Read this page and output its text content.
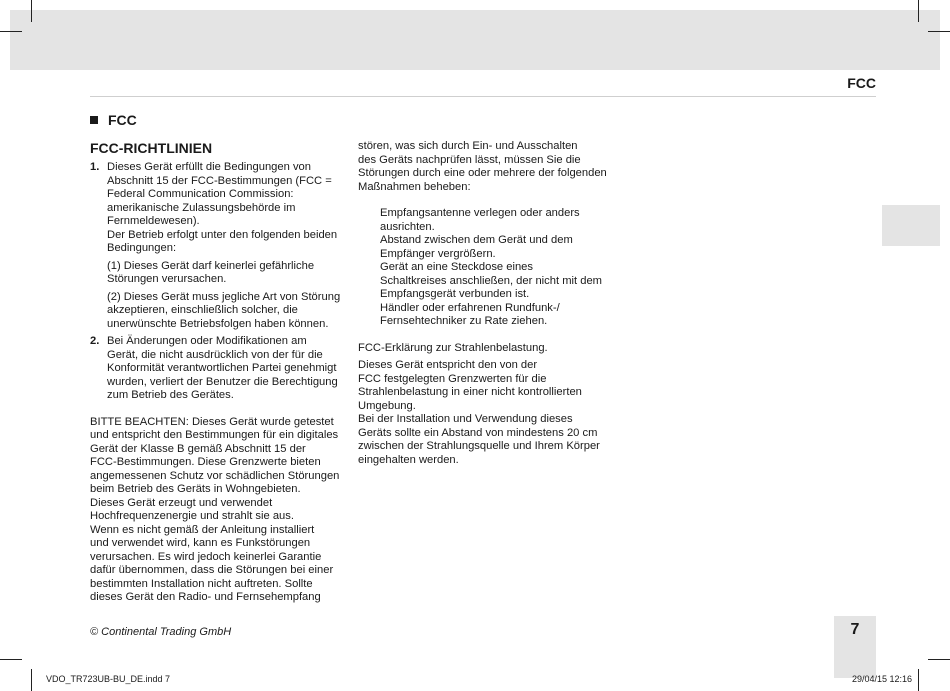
FCC
FCC
FCC-RICHTLINIEN
1. Dieses Gerät erfüllt die Bedingungen von

Abschnitt 15 der FCC-Bestimmungen (FCC =

Federal Communication Commission:

amerikanische Zulassungsbehörde im

Fernmeldewesen).

Der Betrieb erfolgt unter den folgenden beiden

Bedingungen:

(1) Dieses Gerät darf keinerlei gefährliche

Störungen verursachen.

(2) Dieses Gerät muss jegliche Art von Störung

akzeptieren, einschließlich solcher, die

unerwünschte Betriebsfolgen haben können.

2. Bei Änderungen oder Modifikationen am

Gerät, die nicht ausdrücklich von der für die

Konformität verantwortlichen Partei genehmigt

wurden, verliert der Benutzer die Berechtigung

zum Betrieb des Gerätes.

BITTE BEACHTEN: Dieses Gerät wurde getestet

und entspricht den Bestimmungen für ein digitales

Gerät der Klasse B gemäß Abschnitt 15 der

FCC-Bestimmungen. Diese Grenzwerte bieten

angemessenen Schutz vor schädlichen Störungen

beim Betrieb des Geräts in Wohngebieten.

Dieses Gerät erzeugt und verwendet

Hochfrequenzenergie und strahlt sie aus.

Wenn es nicht gemäß der Anleitung installiert

und verwendet wird, kann es Funkstörungen

verursachen. Es wird jedoch keinerlei Garantie

dafür übernommen, dass die Störungen bei einer

bestimmten Installation nicht auftreten. Sollte

dieses Gerät den Radio- und Fernsehempfang

stören, was sich durch Ein- und Ausschalten

des Geräts nachprüfen lässt, müssen Sie die

Störungen durch eine oder mehrere der folgenden

Maßnahmen beheben:

Empfangsantenne verlegen oder anders

ausrichten.

Abstand zwischen dem Gerät und dem

Empfänger vergrößern.

Gerät an eine Steckdose eines

Schaltkreises anschließen, der nicht mit dem

Empfangsgerät verbunden ist.

Händler oder erfahrenen Rundfunk-/

Fernsehtechniker zu Rate ziehen.

FCC-Erklärung zur Strahlenbelastung.

Dieses Gerät entspricht den von der

FCC festgelegten Grenzwerten für die

Strahlenbelastung in einer nicht kontrollierten

Umgebung.

Bei der Installation und Verwendung dieses

Geräts sollte ein Abstand von mindestens 20 cm

zwischen der Strahlungsquelle und Ihrem Körper

eingehalten werden.

© Continental Trading GmbH	7
VDO_TR723UB-BU_DE.indd 7	29/04/15 12:16
